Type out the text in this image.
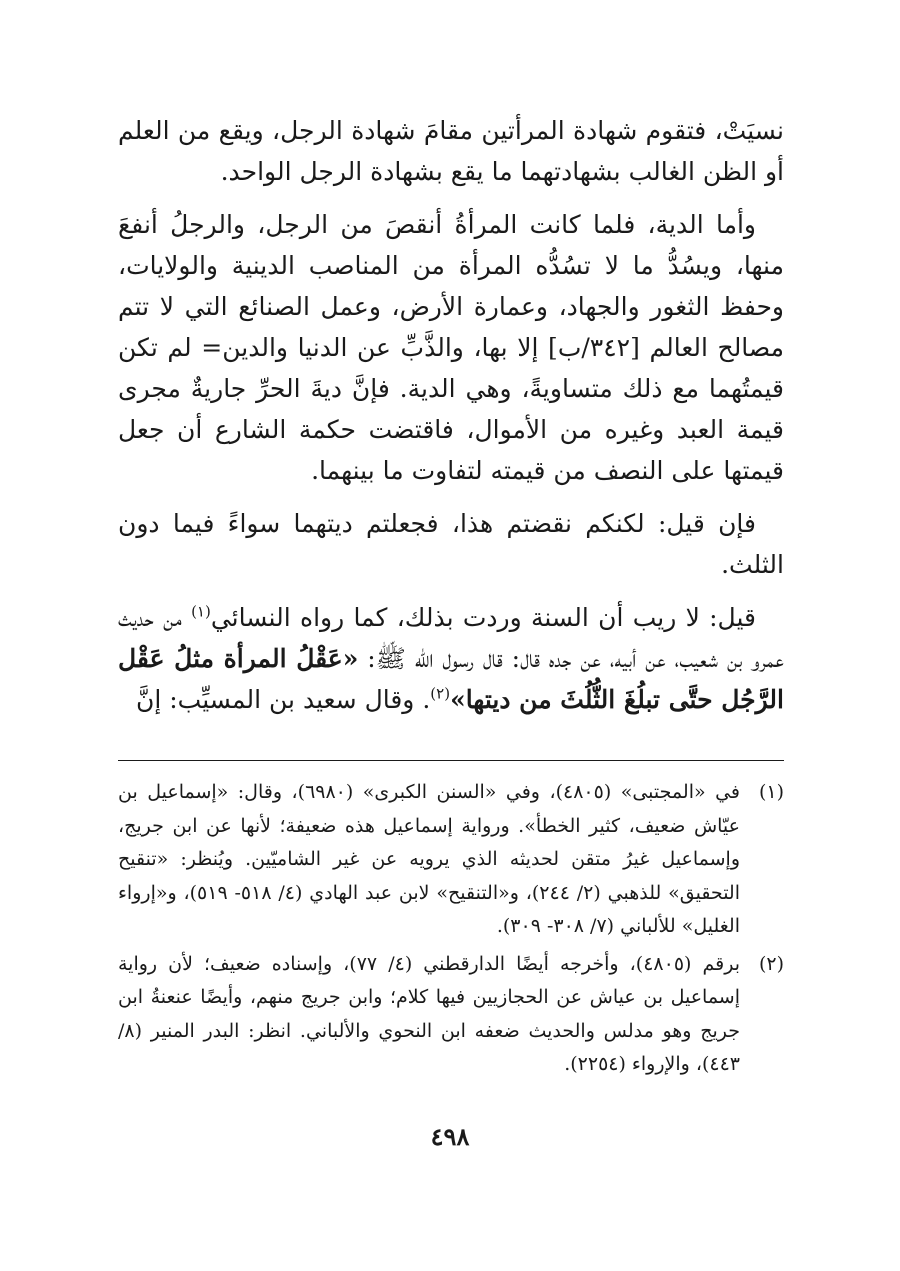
نسيَتْ، فتقوم شهادة المرأتين مقامَ شهادة الرجل، ويقع من العلم أو الظن الغالب بشهادتهما ما يقع بشهادة الرجل الواحد.

وأما الدية، فلما كانت المرأةُ أنقصَ من الرجل، والرجلُ أنفعَ منها، ويسُدُّ ما لا تسُدُّه المرأة من المناصب الدينية والولايات، وحفظ الثغور والجهاد، وعمارة الأرض، وعمل الصنائع التي لا تتم مصالح العالم [٣٤٢/ب] إلا بها، والذَّبِّ عن الدنيا والدين= لم تكن قيمتُهما مع ذلك متساويةً، وهي الدية. فإنَّ ديةَ الحرِّ جاريةٌ مجرى قيمة العبد وغيره من الأموال، فاقتضت حكمة الشارع أن جعل قيمتها على النصف من قيمته لتفاوت ما بينهما.

فإن قيل: لكنكم نقضتم هذا، فجعلتم ديتهما سواءً فيما دون الثلث.

قيل: لا ريب أن السنة وردت بذلك، كما رواه النسائي$^{(١)}$ من حديث عمرو بن شعيب، عن أبيه، عن جده قال: قال رسول الله ﷺ: «عَقْلُ المرأة مثلُ عَقْل الرَّجُل حتَّى تبلُغَ الثُّلُثَ من ديتها»$^{(٢)}$. وقال سعيد بن المسيِّب: إنَّ

(١)
في «المجتبى» (٤٨٠٥)، وفي «السنن الكبرى» (٦٩٨٠)، وقال: «إسماعيل بن عيّاش ضعيف، كثير الخطأ». ورواية إسماعيل هذه ضعيفة؛ لأنها عن ابن جريج، وإسماعيل غيرُ متقن لحديثه الذي يرويه عن غير الشاميّين. ويُنظر: «تنقيح التحقيق» للذهبي (٢/ ٢٤٤)، و«التنقيح» لابن عبد الهادي (٤/ ٥١٨- ٥١٩)، و«إرواء الغليل» للألباني (٧/ ٣٠٨- ٣٠٩).
(٢)
برقم (٤٨٠٥)، وأخرجه أيضًا الدارقطني (٤/ ٧٧)، وإسناده ضعيف؛ لأن رواية إسماعيل بن عياش عن الحجازيين فيها كلام؛ وابن جريج منهم، وأيضًا عنعنةُ ابن جريج وهو مدلس والحديث ضعفه ابن النحوي والألباني. انظر: البدر المنير (٨/ ٤٤٣)، والإرواء (٢٢٥٤).
٤٩٨
